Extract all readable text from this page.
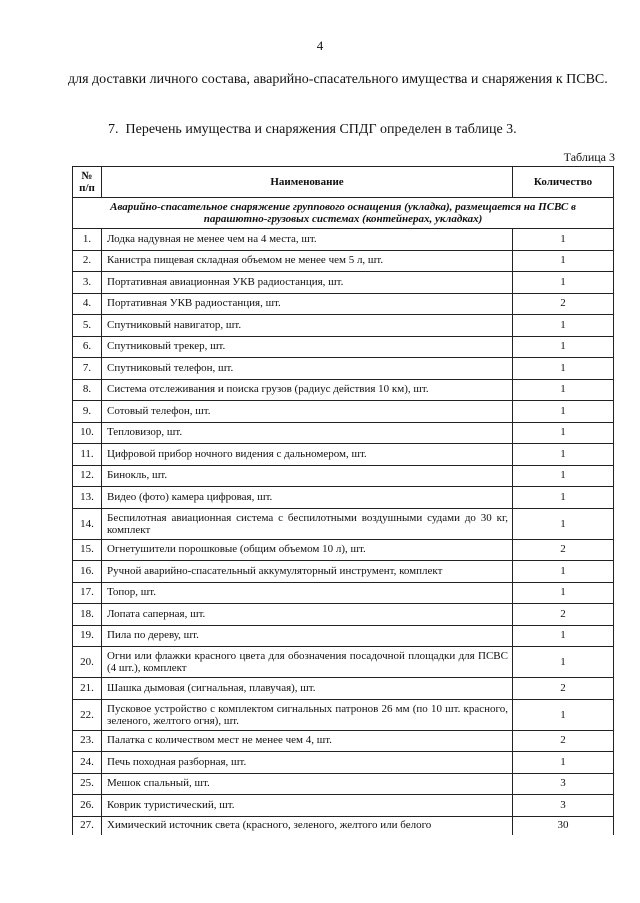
4
для доставки личного состава, аварийно-спасательного имущества и снаряжения к ПСВС.
7.  Перечень имущества и снаряжения СПДГ определен в таблице 3.
Таблица 3
№
п/п	Наименование	Количество
Аварийно-спасательное снаряжение группового оснащения (укладка), размещается на ПСВС в парашютно-грузовых системах (контейнерах, укладках)		
1.	Лодка надувная не менее чем на 4 места, шт.	1
2.	Канистра пищевая складная объемом не менее чем 5 л, шт.	1
3.	Портативная авиационная УКВ радиостанция, шт.	1
4.	Портативная УКВ радиостанция, шт.	2
5.	Спутниковый навигатор, шт.	1
6.	Спутниковый трекер, шт.	1
7.	Спутниковый телефон, шт.	1
8.	Система отслеживания и поиска грузов (радиус действия 10 км), шт.	1
9.	Сотовый телефон, шт.	1
10.	Тепловизор, шт.	1
11.	Цифровой прибор ночного видения с дальномером, шт.	1
12.	Бинокль, шт.	1
13.	Видео (фото) камера цифровая, шт.	1
14.	Беспилотная авиационная система с беспилотными воздушными судами до 30 кг, комплект	1
15.	Огнетушители порошковые (общим объемом 10 л), шт.	2
16.	Ручной аварийно-спасательный аккумуляторный инструмент, комплект	1
17.	Топор, шт.	1
18.	Лопата саперная, шт.	2
19.	Пила по дереву, шт.	1
20.	Огни или флажки красного цвета для обозначения посадочной площадки для ПСВС (4 шт.), комплект	1
21.	Шашка дымовая (сигнальная, плавучая), шт.	2
22.	Пусковое устройство с комплектом сигнальных патронов 26 мм (по 10 шт. красного, зеленого, желтого огня), шт.	1
23.	Палатка с количеством мест не менее чем 4, шт.	2
24.	Печь походная разборная, шт.	1
25.	Мешок спальный, шт.	3
26.	Коврик туристический, шт.	3
27.	Химический источник света (красного, зеленого, желтого или белого	30
